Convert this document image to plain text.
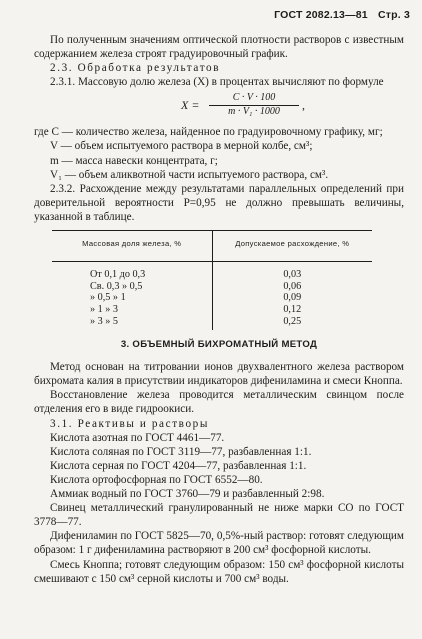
ГОСТ 2082.13—81 Стр. 3

По полученным значениям оптической плотности растворов с известным содержанием железа строят градуировочный график.

2.3. Обработка результатов

2.3.1. Массовую долю железа (X) в процентах вычисляют по формуле

$X = \frac{C \cdot V \cdot 100}{\text{m · V₁ · 1000}}$ ,

где C — количество железа, найденное по градуировочному графику, мг;

V — объем испытуемого раствора в мерной колбе, см³;

m — масса навески концентрата, г;

V₁ — объем аликвотной части испытуемого раствора, см³.

2.3.2. Расхождение между результатами параллельных определений при доверительной вероятности P=0,95 не должно превышать величины, указанной в таблице.

Массовая доля железа, %	Допускаемое расхождение, %
От 0,1 до 0,3	0,03
Св. 0,3 » 0,5	0,06
» 0,5 » 1	0,09
» 1 » 3	0,12
» 3 » 5	0,25
3. ОБЪЕМНЫЙ БИХРОМАТНЫЙ МЕТОД

Метод основан на титровании ионов двухвалентного железа раствором бихромата калия в присутствии индикаторов дифениламина и смеси Кноппа.

Восстановление железа проводится металлическим свинцом после отделения его в виде гидроокиси.

3.1. Реактивы и растворы

Кислота азотная по ГОСТ 4461—77.

Кислота соляная по ГОСТ 3119—77, разбавленная 1:1.

Кислота серная по ГОСТ 4204—77, разбавленная 1:1.

Кислота ортофосфорная по ГОСТ 6552—80.

Аммиак водный по ГОСТ 3760—79 и разбавленный 2:98.

Свинец металлический гранулированный не ниже марки СО по ГОСТ 3778—77.

Дифениламин по ГОСТ 5825—70, 0,5%-ный раствор: готовят следующим образом: 1 г дифениламина растворяют в 200 см³ фосфорной кислоты.

Смесь Кноппа; готовят следующим образом: 150 см³ фосфорной кислоты смешивают с 150 см³ серной кислоты и 700 см³ воды.
